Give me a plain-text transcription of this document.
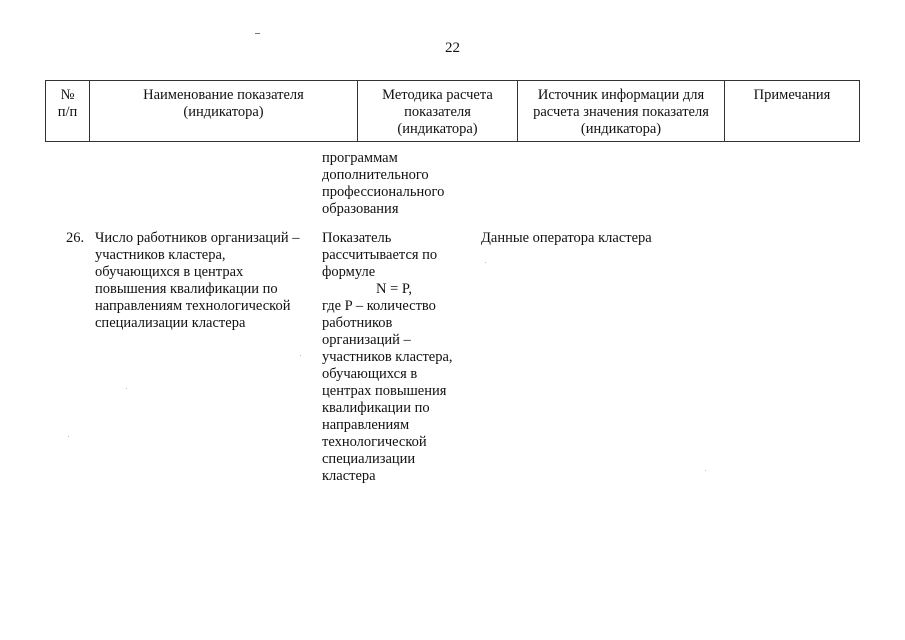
22
№
п/п
Наименование показателя
(индикатора)
Методика расчета
показателя
(индикатора)
Источник информации для
расчета значения показателя
(индикатора)
Примечания
программам
дополнительного
профессионального
образования
26. Число работников организаций –
участников кластера,
обучающихся в центрах
повышения квалификации по
направлениям технологической
специализации кластера
Показатель
рассчитывается по
формуле
N = P,
где P – количество
работников
организаций –
участников кластера,
обучающихся в
центрах повышения
квалификации по
направлениям
технологической
специализации
кластера
Данные оператора кластера
